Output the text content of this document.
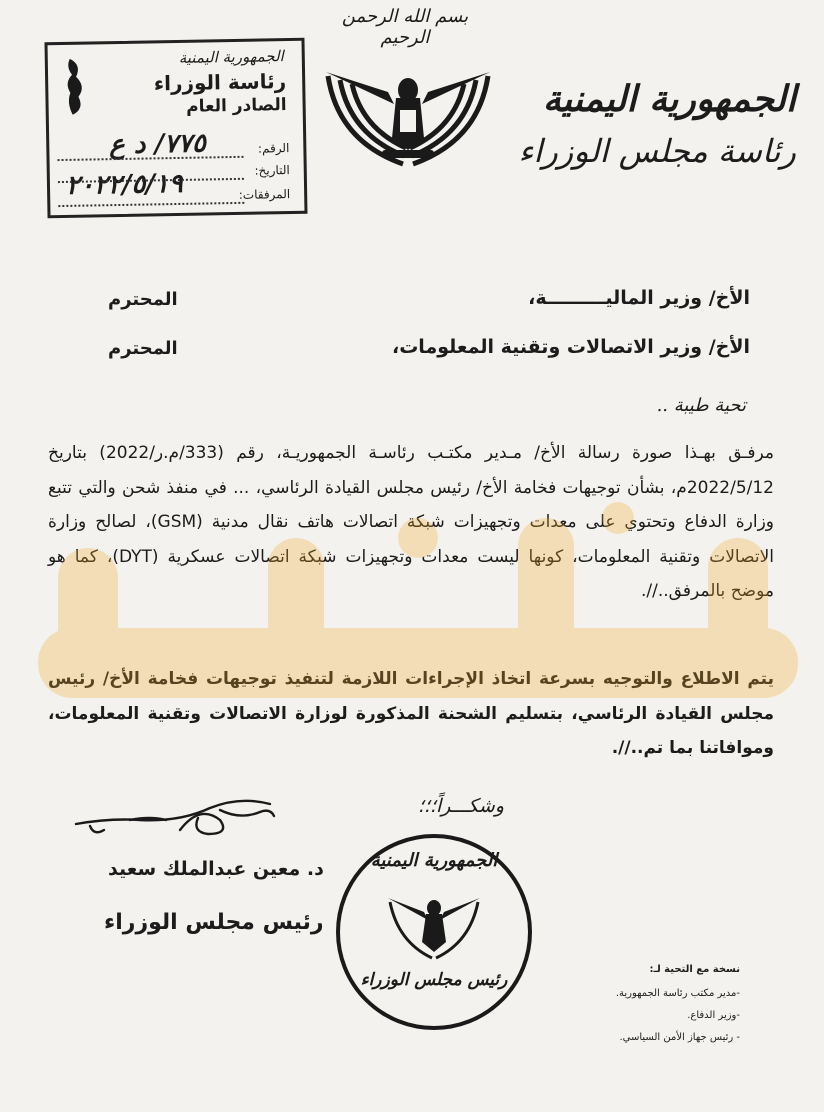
بسم الله الرحمن الرحيم
الجمهورية اليمنية
رئاسة مجلس الوزراء
الجمهورية اليمنية
رئاسة الوزراء
الصادر العام
الرقم:
٧٧٥/ د ع
التاريخ:
٢٠٢٢/٥/١٩	المرفقات:
الأخ/ وزير الماليـــــــــة،
المحترم
الأخ/ وزير الاتصالات وتقنية المعلومات،
المحترم
تحية طيبة ..
مرفـق بهـذا صورة رسالة الأخ/ مـدير مكتـب رئاسـة الجمهوريـة، رقم (333/م.ر/2022) بتاريخ 2022/5/12م، بشأن توجيهات فخامة الأخ/ رئيس مجلس القيادة الرئاسي، ... في منفذ شحن والتي تتبع وزارة الدفاع وتحتوي على معدات وتجهيزات شبكة اتصالات هاتف نقال مدنية (GSM)، لصالح وزارة الاتصالات وتقنية المعلومات، كونها ليست معدات وتجهيزات شبكة اتصالات عسكرية (DYT)، كما هو موضح بالمرفق..//.
يتم الاطلاع والتوجيه بسرعة اتخاذ الإجراءات اللازمة لتنفيذ توجيهات فخامة الأخ/ رئيس مجلس القيادة الرئاسي، بتسليم الشحنة المذكورة لوزارة الاتصالات وتقنية المعلومات، وموافاتنا بما تم..//.
وشكـــراً؛؛؛
د. معين عبدالملك سعيد
رئيس مجلس الوزراء
الجمهورية اليمنية
رئيس مجلس الوزراء
نسخة مع التحية لـ:
-مدير مكتب رئاسة الجمهورية.
-وزير الدفاع.
- رئيس جهاز الأمن السياسي.
